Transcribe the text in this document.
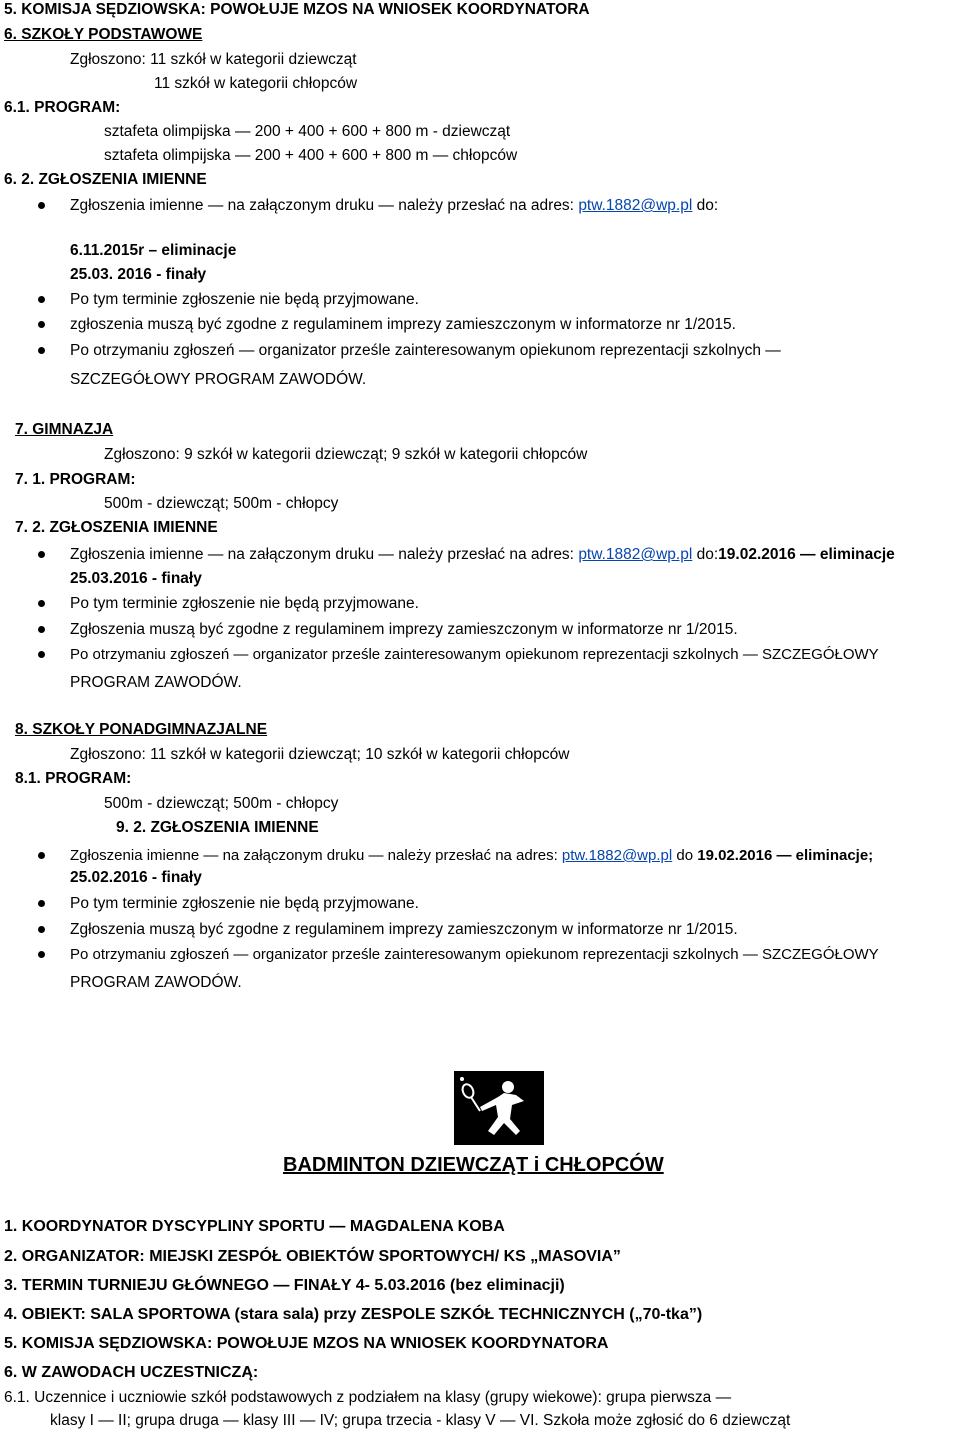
5. KOMISJA SĘDZIOWSKA: POWOŁUJE MZOS NA WNIOSEK KOORDYNATORA
6. SZKOŁY PODSTAWOWE
Zgłoszono: 11 szkół w kategorii dziewcząt
11 szkół w kategorii chłopców
6.1. PROGRAM:
sztafeta olimpijska — 200 + 400 + 600 + 800 m - dziewcząt
sztafeta olimpijska — 200 + 400 + 600 + 800 m — chłopców
6. 2. ZGŁOSZENIA IMIENNE
Zgłoszenia imienne — na załączonym druku — należy przesłać na adres: ptw.1882@wp.pl do:
6.11.2015r – eliminacje
25.03. 2016 - finały
Po tym terminie zgłoszenie nie będą przyjmowane.
zgłoszenia muszą być zgodne z regulaminem imprezy zamieszczonym w informatorze nr 1/2015.
Po otrzymaniu zgłoszeń — organizator prześle zainteresowanym opiekunom reprezentacji szkolnych —
SZCZEGÓŁOWY PROGRAM ZAWODÓW.
7. GIMNAZJA
Zgłoszono: 9 szkół w kategorii dziewcząt; 9 szkół w kategorii chłopców
7. 1. PROGRAM:
500m - dziewcząt; 500m - chłopcy
7. 2. ZGŁOSZENIA IMIENNE
Zgłoszenia imienne — na załączonym druku — należy przesłać na adres: ptw.1882@wp.pl do:19.02.2016 — eliminacje
25.03.2016 - finały
Po tym terminie zgłoszenie nie będą przyjmowane.
Zgłoszenia muszą być zgodne z regulaminem imprezy zamieszczonym w informatorze nr 1/2015.
Po otrzymaniu zgłoszeń — organizator prześle zainteresowanym opiekunom reprezentacji szkolnych — SZCZEGÓŁOWY
PROGRAM ZAWODÓW.
8. SZKOŁY PONADGIMNAZJALNE
Zgłoszono: 11 szkół w kategorii dziewcząt; 10 szkół w kategorii chłopców
8.1. PROGRAM:
500m - dziewcząt; 500m - chłopcy
9. 2. ZGŁOSZENIA IMIENNE
Zgłoszenia imienne — na załączonym druku — należy przesłać na adres: ptw.1882@wp.pl do 19.02.2016 — eliminacje;
25.02.2016 - finały
Po tym terminie zgłoszenie nie będą przyjmowane.
Zgłoszenia muszą być zgodne z regulaminem imprezy zamieszczonym w informatorze nr 1/2015.
Po otrzymaniu zgłoszeń — organizator prześle zainteresowanym opiekunom reprezentacji szkolnych — SZCZEGÓŁOWY
PROGRAM ZAWODÓW.
BADMINTON DZIEWCZĄT i CHŁOPCÓW
1. KOORDYNATOR DYSCYPLINY SPORTU — MAGDALENA KOBA
2. ORGANIZATOR: MIEJSKI ZESPÓŁ OBIEKTÓW SPORTOWYCH/ KS „MASOVIA”
3. TERMIN TURNIEJU GŁÓWNEGO — FINAŁY 4- 5.03.2016 (bez eliminacji)
4. OBIEKT: SALA SPORTOWA (stara sala) przy ZESPOLE SZKÓŁ TECHNICZNYCH („70-tka”)
5. KOMISJA SĘDZIOWSKA: POWOŁUJE MZOS NA WNIOSEK KOORDYNATORA
6. W ZAWODACH UCZESTNICZĄ:
6.1. Uczennice i uczniowie szkół podstawowych z podziałem na klasy (grupy wiekowe): grupa pierwsza —
klasy I — II; grupa druga — klasy III — IV; grupa trzecia - klasy V — VI. Szkoła może zgłosić do 6 dziewcząt
